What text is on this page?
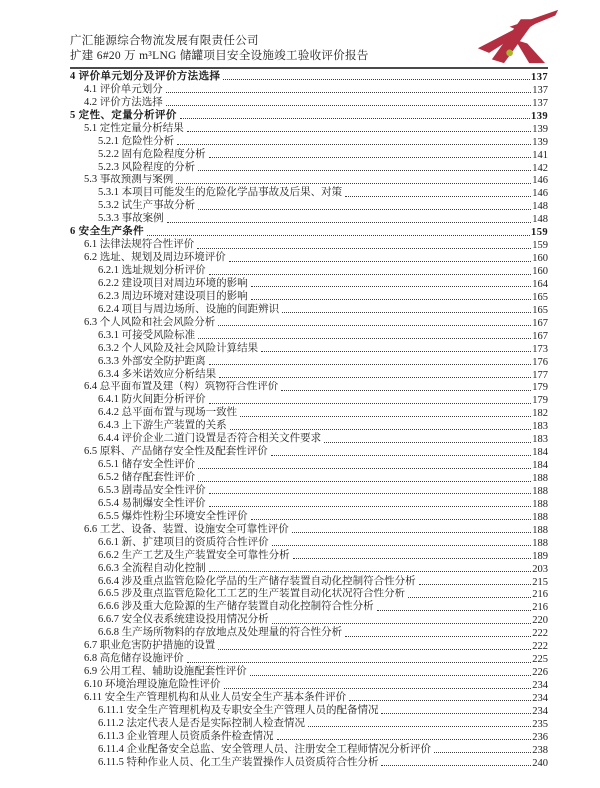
广汇能源综合物流发展有限责任公司
扩建 6#20 万 m³LNG 储罐项目安全设施竣工验收评价报告
4 评价单元划分及评价方法选择	137
4.1 评价单元划分	137
4.2 评价方法选择	137
5 定性、定量分析评价	139
5.1 定性定量分析结果	139
5.2.1 危险性分析	139
5.2.2 固有危险程度分析	141
5.2.3 风险程度的分析	142
5.3 事故预测与案例	146
5.3.1 本项目可能发生的危险化学品事故及后果、对策	146
5.3.2 试生产事故分析	148
5.3.3 事故案例	148
6 安全生产条件	159
6.1 法律法规符合性评价	159
6.2 选址、规划及周边环境评价	160
6.2.1 选址规划分析评价	160
6.2.2 建设项目对周边环境的影响	164
6.2.3 周边环境对建设项目的影响	165
6.2.4 项目与周边场所、设施的间距辨识	165
6.3 个人风险和社会风险分析	167
6.3.1 可接受风险标准	167
6.3.2 个人风险及社会风险计算结果	173
6.3.3 外部安全防护距离	176
6.3.4 多米诺效应分析结果	177
6.4 总平面布置及建（构）筑物符合性评价	179
6.4.1 防火间距分析评价	179
6.4.2 总平面布置与现场一致性	182
6.4.3 上下游生产装置的关系	183
6.4.4 评价企业二道门设置是否符合相关文件要求	183
6.5 原料、产品储存安全性及配套性评价	184
6.5.1 储存安全性评价	184
6.5.2 储存配套性评价	188
6.5.3 剧毒品安全性评价	188
6.5.4 易制爆安全性评价	188
6.5.5 爆炸性粉尘环境安全性评价	188
6.6 工艺、设备、装置、设施安全可靠性评价	188
6.6.1 新、扩建项目的资质符合性评价	188
6.6.2 生产工艺及生产装置安全可靠性分析	189
6.6.3 全流程自动化控制	203
6.6.4 涉及重点监管危险化学品的生产储存装置自动化控制符合性分析	215
6.6.5 涉及重点监管危险化工工艺的生产装置自动化状况符合性分析	216
6.6.6 涉及重大危险源的生产储存装置自动化控制符合性分析	216
6.6.7 安全仪表系统建设投用情况分析	220
6.6.8 生产场所物料的存放地点及处理量的符合性分析	222
6.7 职业危害防护措施的设置	222
6.8 高危储存设施评价	225
6.9 公用工程、辅助设施配套性评价	226
6.10 环境治理设施危险性评价	234
6.11 安全生产管理机构和从业人员安全生产基本条件评价	234
6.11.1 安全生产管理机构及专职安全生产管理人员的配备情况	234
6.11.2 法定代表人是否是实际控制人检查情况	235
6.11.3 企业管理人员资质条件检查情况	236
6.11.4 企业配备安全总监、安全管理人员、注册安全工程师情况分析评价	238
6.11.5 特种作业人员、化工生产装置操作人员资质符合性分析	240
